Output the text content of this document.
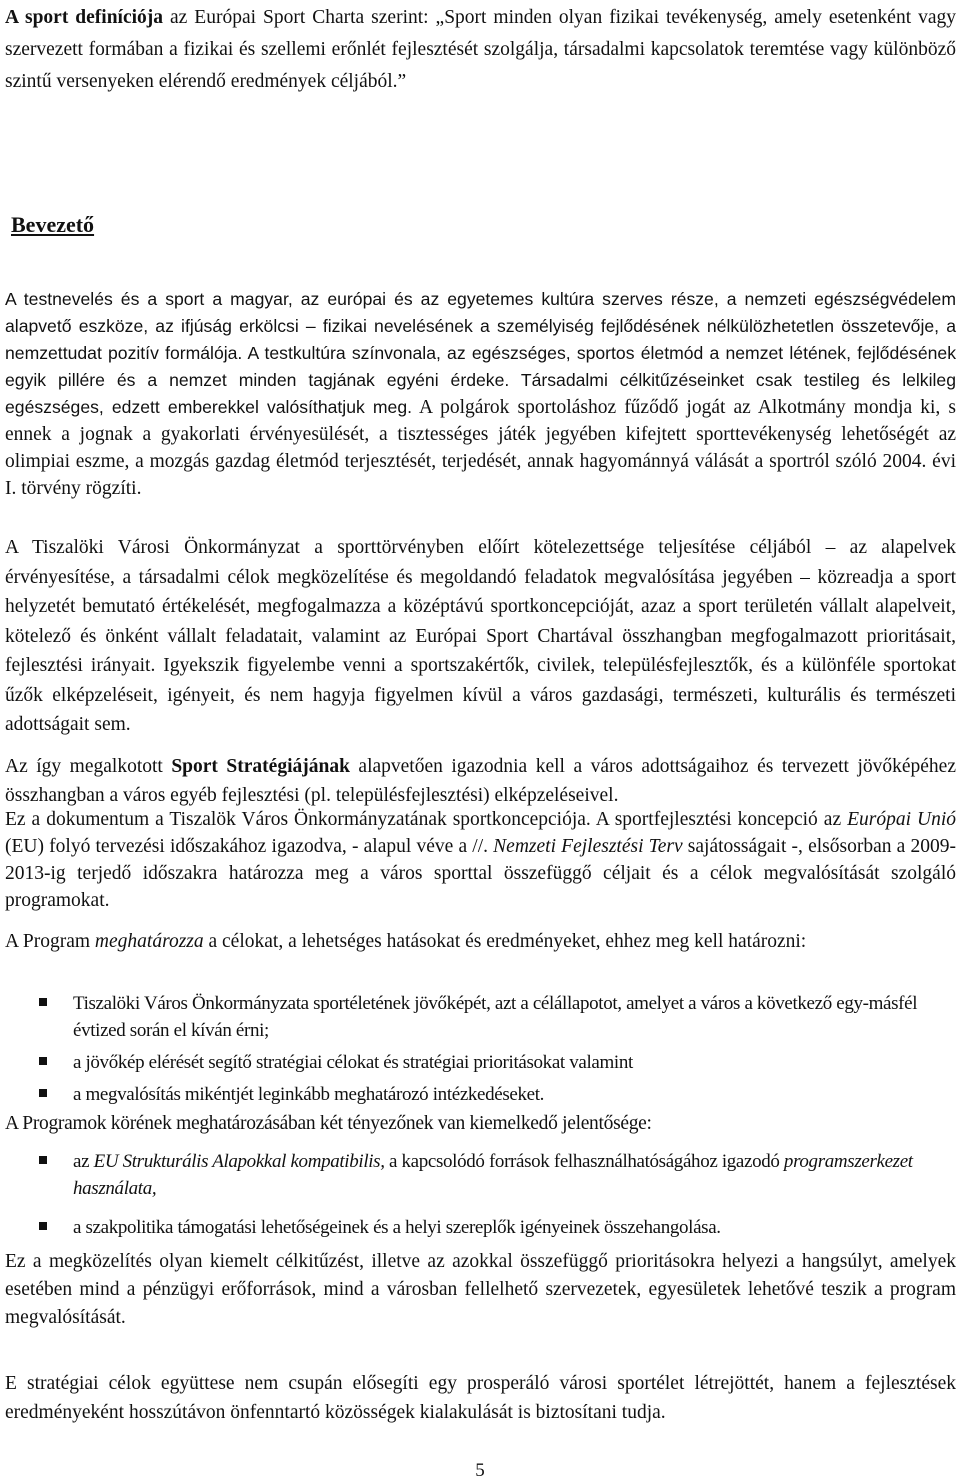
A sport definíciója az Európai Sport Charta szerint: „Sport minden olyan fizikai tevékenység, amely esetenként vagy szervezett formában a fizikai és szellemi erőnlét fejlesztését szolgálja, társadalmi kapcsolatok teremtése vagy különböző szintű versenyeken elérendő eredmények céljából.”

Bevezető

A testnevelés és a sport a magyar, az európai és az egyetemes kultúra szerves része, a nemzeti egészségvédelem alapvető eszköze, az ifjúság erkölcsi – fizikai nevelésének a személyiség fejlődésének nélkülözhetetlen összetevője, a nemzettudat pozitív formálója. A testkultúra színvonala, az egészséges, sportos életmód a nemzet létének, fejlődésének egyik pillére és a nemzet minden tagjának egyéni érdeke. Társadalmi célkitűzéseinket csak testileg és lelkileg egészséges, edzett emberekkel valósíthatjuk meg. A polgárok sportoláshoz fűződő jogát az Alkotmány mondja ki, s ennek a jognak a gyakorlati érvényesülését, a tisztességes játék jegyében kifejtett sporttevékenység lehetőségét az olimpiai eszme, a mozgás gazdag életmód terjesztését, terjedését, annak hagyománnyá válását a sportról szóló 2004. évi I. törvény rögzíti.

A Tiszalöki Városi Önkormányzat a sporttörvényben előírt kötelezettsége teljesítése céljából – az alapelvek érvényesítése, a társadalmi célok megközelítése és megoldandó feladatok megvalósítása jegyében – közreadja a sport helyzetét bemutató értékelését, megfogalmazza a középtávú sportkoncepcióját, azaz a sport területén vállalt alapelveit, kötelező és önként vállalt feladatait, valamint az Európai Sport Chartával összhangban megfogalmazott prioritásait, fejlesztési irányait. Igyekszik figyelembe venni a sportszakértők, civilek, településfejlesztők, és a különféle sportokat űzők elképzeléseit, igényeit, és nem hagyja figyelmen kívül a város gazdasági, természeti, kulturális és természeti adottságait sem.

Az így megalkotott Sport Stratégiájának alapvetően igazodnia kell a város adottságaihoz és tervezett jövőképéhez összhangban a város egyéb fejlesztési (pl. településfejlesztési) elképzeléseivel.

Ez a dokumentum a Tiszalök Város Önkormányzatának sportkoncepciója. A sportfejlesztési koncepció az Európai Unió (EU) folyó tervezési időszakához igazodva, - alapul véve a //. Nemzeti Fejlesztési Terv sajátosságait -, elsősorban a 2009-2013-ig terjedő időszakra határozza meg a város sporttal összefüggő céljait és a célok megvalósítását szolgáló programokat.

A Program meghatározza a célokat, a lehetséges hatásokat és eredményeket, ehhez meg kell határozni:

Tiszalöki Város Önkormányzata sportéletének jövőképét, azt a célállapotot, amelyet a város a következő egy-másfél évtized során el kíván érni;
a jövőkép elérését segítő stratégiai célokat és stratégiai prioritásokat valamint
a megvalósítás mikéntjét leginkább meghatározó intézkedéseket.

A Programok körének meghatározásában két tényezőnek van kiemelkedő jelentősége:

az EU Strukturális Alapokkal kompatibilis, a kapcsolódó források felhasználhatóságához igazodó programszerkezet használata,
a szakpolitika támogatási lehetőségeinek és a helyi szereplők igényeinek összehangolása.

Ez a megközelítés olyan kiemelt célkitűzést, illetve az azokkal összefüggő prioritásokra helyezi a hangsúlyt, amelyek esetében mind a pénzügyi erőforrások, mind a városban fellelhető szervezetek, egyesületek lehetővé teszik a program megvalósítását.

E stratégiai célok együttese nem csupán elősegíti egy prosperáló városi sportélet létrejöttét, hanem a fejlesztések eredményeként hosszútávon önfenntartó közösségek kialakulását is biztosítani tudja.

5
